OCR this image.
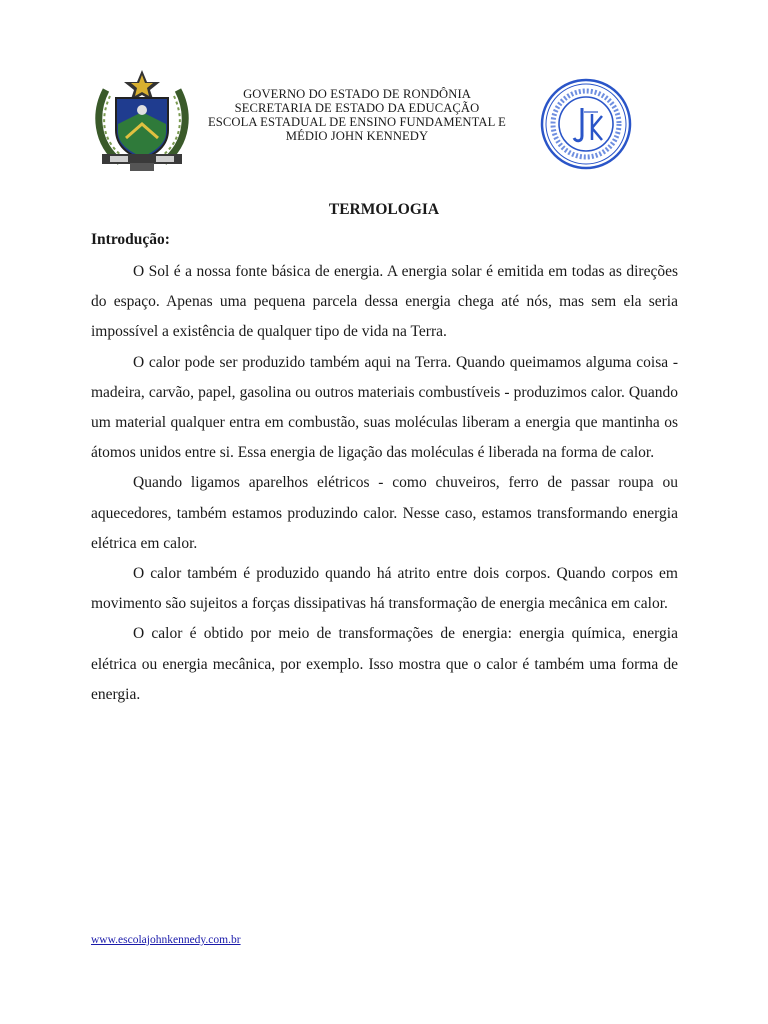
GOVERNO DO ESTADO DE RONDÔNIA
SECRETARIA DE ESTADO DA EDUCAÇÃO
ESCOLA ESTADUAL DE ENSINO FUNDAMENTAL E
MÉDIO JOHN KENNEDY
TERMOLOGIA
Introdução:

O Sol é a nossa fonte básica de energia. A energia solar é emitida em todas as direções do espaço. Apenas uma pequena parcela dessa energia chega até nós, mas sem ela seria impossível a existência de qualquer tipo de vida na Terra.

O calor pode ser produzido também aqui na Terra. Quando queimamos alguma coisa - madeira, carvão, papel, gasolina ou outros materiais combustíveis - produzimos calor. Quando um material qualquer entra em combustão, suas moléculas liberam a energia que mantinha os átomos unidos entre si. Essa energia de ligação das moléculas é liberada na forma de calor.

Quando ligamos aparelhos elétricos - como chuveiros, ferro de passar roupa ou aquecedores, também estamos produzindo calor. Nesse caso, estamos transformando energia elétrica em calor.

O calor também é produzido quando há atrito entre dois corpos. Quando corpos em movimento são sujeitos a forças dissipativas há transformação de energia mecânica em calor.

O calor é obtido por meio de transformações de energia: energia química, energia elétrica ou energia mecânica, por exemplo. Isso mostra que o calor é também uma forma de energia.

www.escolajohnkennedy.com.br
